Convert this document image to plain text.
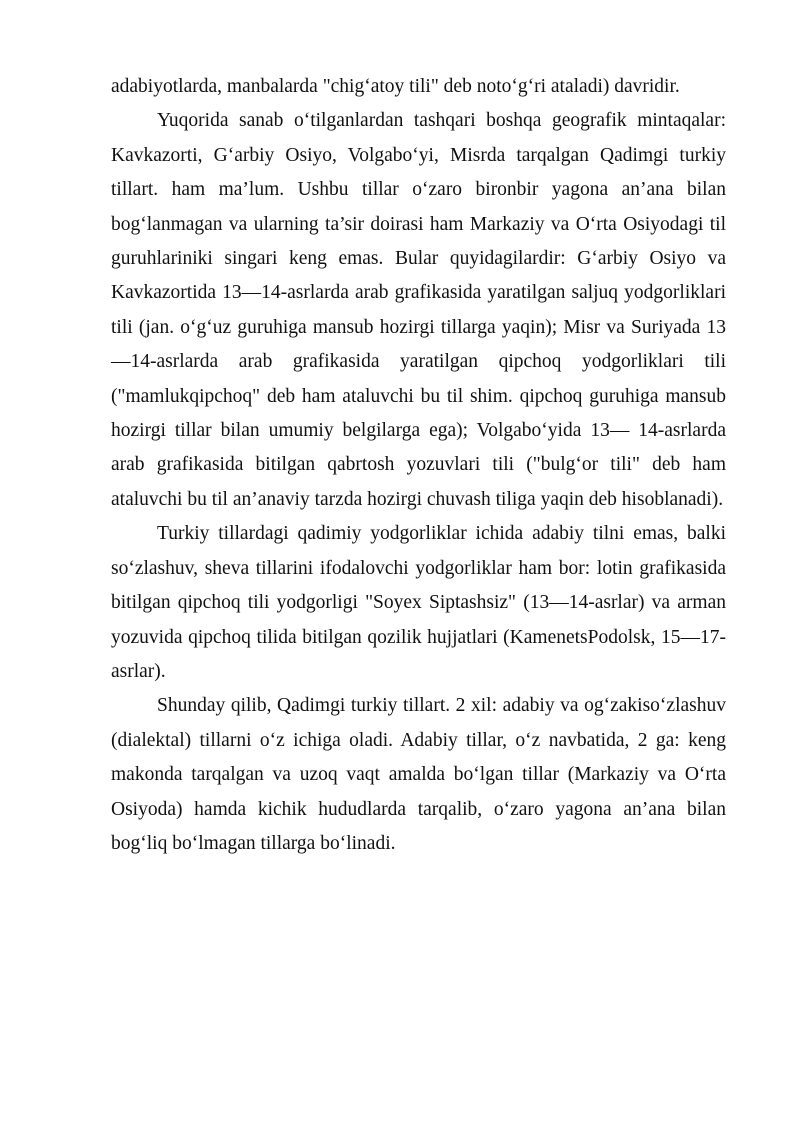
adabiyotlarda, manbalarda "chig‘atoy tili" deb noto‘g‘ri ataladi) davridir.

Yuqorida sanab o‘tilganlardan tashqari boshqa geografik mintaqalar: Kavkazorti, G‘arbiy Osiyo, Volgabo‘yi, Misrda tarqalgan Qadimgi turkiy tillart. ham ma’lum. Ushbu tillar o‘zaro bironbir yagona an’ana bilan bog‘lanmagan va ularning ta’sir doirasi ham Markaziy va O‘rta Osiyodagi til guruhlariniki singari keng emas. Bular quyidagilardir: G‘arbiy Osiyo va Kavkazortida 13—14-asrlarda arab grafikasida yaratilgan saljuq yodgorliklari tili (jan. o‘g‘uz guruhiga mansub hozirgi tillarga yaqin); Misr va Suriyada 13—14-asrlarda arab grafikasida yaratilgan qipchoq yodgorliklari tili ("mamlukqipchoq" deb ham ataluvchi bu til shim. qipchoq guruhiga mansub hozirgi tillar bilan umumiy belgilarga ega); Volgabo‘yida 13— 14-asrlarda arab grafikasida bitilgan qabrtosh yozuvlari tili ("bulg‘or tili" deb ham ataluvchi bu til an’anaviy tarzda hozirgi chuvash tiliga yaqin deb hisoblanadi).

Turkiy tillardagi qadimiy yodgorliklar ichida adabiy tilni emas, balki so‘zlashuv, sheva tillarini ifodalovchi yodgorliklar ham bor: lotin grafikasida bitilgan qipchoq tili yodgorligi "Soyex Siptashsiz" (13—14-asrlar) va arman yozuvida qipchoq tilida bitilgan qozilik hujjatlari (KamenetsPodolsk, 15—17-asrlar).

Shunday qilib, Qadimgi turkiy tillart. 2 xil: adabiy va og‘zakiso‘zlashuv (dialektal) tillarni o‘z ichiga oladi. Adabiy tillar, o‘z navbatida, 2 ga: keng makonda tarqalgan va uzoq vaqt amalda bo‘lgan tillar (Markaziy va O‘rta Osiyoda) hamda kichik hududlarda tarqalib, o‘zaro yagona an’ana bilan bog‘liq bo‘lmagan tillarga bo‘linadi.
